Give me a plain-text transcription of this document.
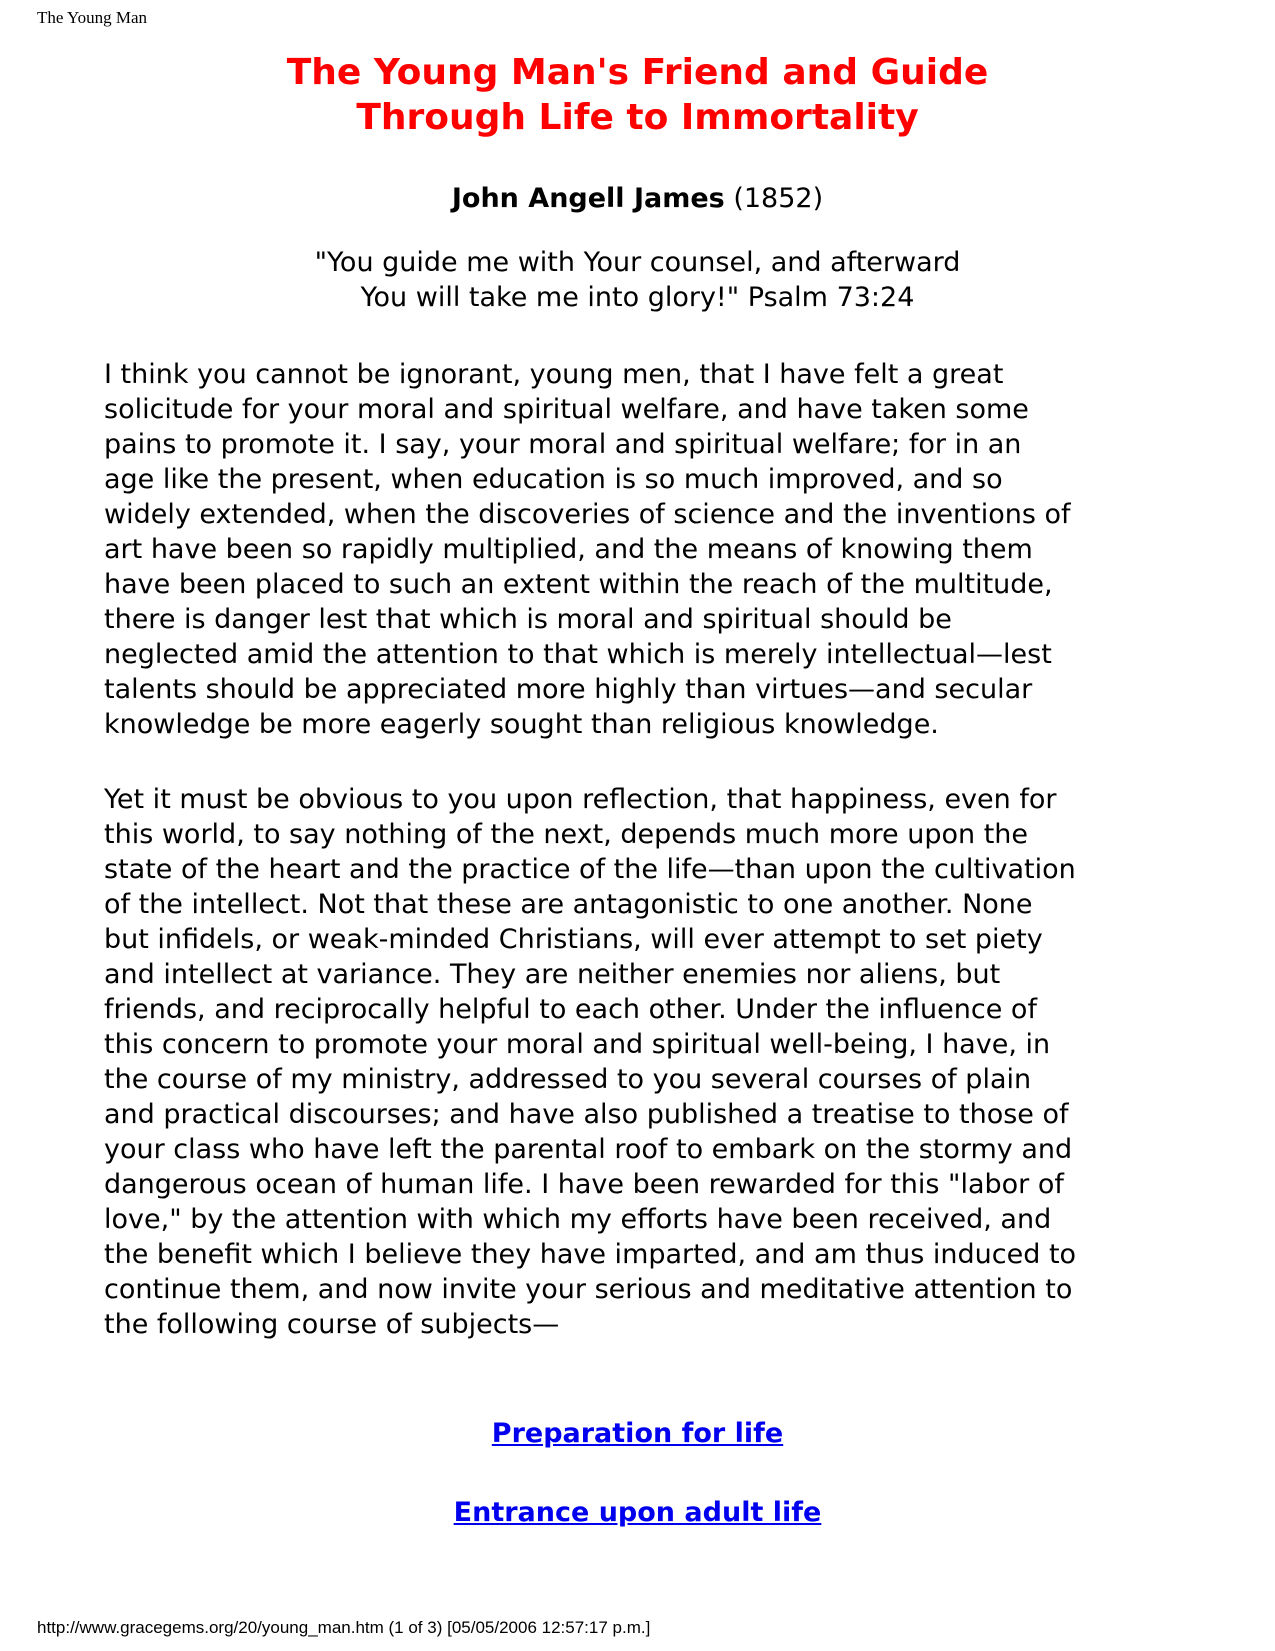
The Young Man
The Young Man's Friend and Guide
Through Life to Immortality
John Angell James (1852)
"You guide me with Your counsel, and afterward
You will take me into glory!" Psalm 73:24

I think you cannot be ignorant, young men, that I have felt a great
solicitude for your moral and spiritual welfare, and have taken some
pains to promote it. I say, your moral and spiritual welfare; for in an
age like the present, when education is so much improved, and so
widely extended, when the discoveries of science and the inventions of
art have been so rapidly multiplied, and the means of knowing them
have been placed to such an extent within the reach of the multitude,
there is danger lest that which is moral and spiritual should be
neglected amid the attention to that which is merely intellectual—lest
talents should be appreciated more highly than virtues—and secular
knowledge be more eagerly sought than religious knowledge.

Yet it must be obvious to you upon reflection, that happiness, even for
this world, to say nothing of the next, depends much more upon the
state of the heart and the practice of the life—than upon the cultivation
of the intellect. Not that these are antagonistic to one another. None
but infidels, or weak-minded Christians, will ever attempt to set piety
and intellect at variance. They are neither enemies nor aliens, but
friends, and reciprocally helpful to each other. Under the influence of
this concern to promote your moral and spiritual well-being, I have, in
the course of my ministry, addressed to you several courses of plain
and practical discourses; and have also published a treatise to those of
your class who have left the parental roof to embark on the stormy and
dangerous ocean of human life. I have been rewarded for this "labor of
love," by the attention with which my efforts have been received, and
the benefit which I believe they have imparted, and am thus induced to
continue them, and now invite your serious and meditative attention to
the following course of subjects—

Preparation for life
Entrance upon adult life
http://www.gracegems.org/20/young_man.htm (1 of 3) [05/05/2006 12:57:17 p.m.]
